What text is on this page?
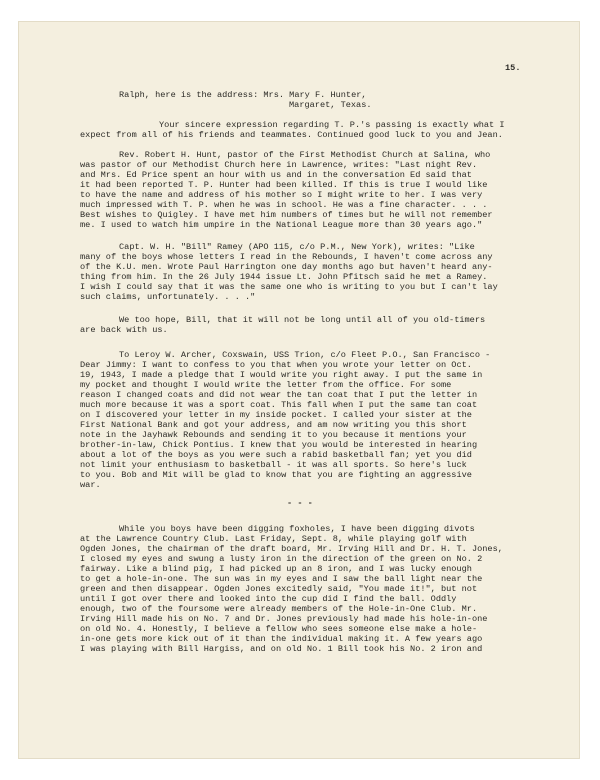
15.
Ralph, here is the address: Mrs. Mary F. Hunter,
Margaret, Texas.
Your sincere expression regarding T. P.'s passing is exactly what I
expect from all of his friends and teammates. Continued good luck to you and Jean.
Rev. Robert H. Hunt, pastor of the First Methodist Church at Salina, who
was pastor of our Methodist Church here in Lawrence, writes: "Last night Rev.
and Mrs. Ed Price spent an hour with us and in the conversation Ed said that
it had been reported T. P. Hunter had been killed. If this is true I would like
to have the name and address of his mother so I might write to her. I was very
much impressed with T. P. when he was in school. He was a fine character. . . .
Best wishes to Quigley. I have met him numbers of times but he will not remember
me. I used to watch him umpire in the National League more than 30 years ago."
Capt. W. H. "Bill" Ramey (APO 115, c/o P.M., New York), writes: "Like
many of the boys whose letters I read in the Rebounds, I haven't come across any
of the K.U. men. Wrote Paul Harrington one day months ago but haven't heard any-
thing from him. In the 26 July 1944 issue Lt. John Pfitsch said he met a Ramey.
I wish I could say that it was the same one who is writing to you but I can't lay
such claims, unfortunately. . . ."
We too hope, Bill, that it will not be long until all of you old-timers
are back with us.
To Leroy W. Archer, Coxswain, USS Trion, c/o Fleet P.O., San Francisco -
Dear Jimmy: I want to confess to you that when you wrote your letter on Oct.
19, 1943, I made a pledge that I would write you right away. I put the same in
my pocket and thought I would write the letter from the office. For some
reason I changed coats and did not wear the tan coat that I put the letter in
much more because it was a sport coat. This fall when I put the same tan coat
on I discovered your letter in my inside pocket. I called your sister at the
First National Bank and got your address, and am now writing you this short
note in the Jayhawk Rebounds and sending it to you because it mentions your
brother-in-law, Chick Pontius. I knew that you would be interested in hearing
about a lot of the boys as you were such a rabid basketball fan; yet you did
not limit your enthusiasm to basketball - it was all sports. So here's luck
to you. Bob and Mit will be glad to know that you are fighting an aggressive
war.
- - -
While you boys have been digging foxholes, I have been digging divots
at the Lawrence Country Club. Last Friday, Sept. 8, while playing golf with
Ogden Jones, the chairman of the draft board, Mr. Irving Hill and Dr. H. T. Jones,
I closed my eyes and swung a lusty iron in the direction of the green on No. 2
fairway. Like a blind pig, I had picked up an 8 iron, and I was lucky enough
to get a hole-in-one. The sun was in my eyes and I saw the ball light near the
green and then disappear. Ogden Jones excitedly said, "You made it!", but not
until I got over there and looked into the cup did I find the ball. Oddly
enough, two of the foursome were already members of the Hole-in-One Club. Mr.
Irving Hill made his on No. 7 and Dr. Jones previously had made his hole-in-one
on old No. 4. Honestly, I believe a fellow who sees someone else make a hole-
in-one gets more kick out of it than the individual making it. A few years ago
I was playing with Bill Hargiss, and on old No. 1 Bill took his No. 2 iron and
